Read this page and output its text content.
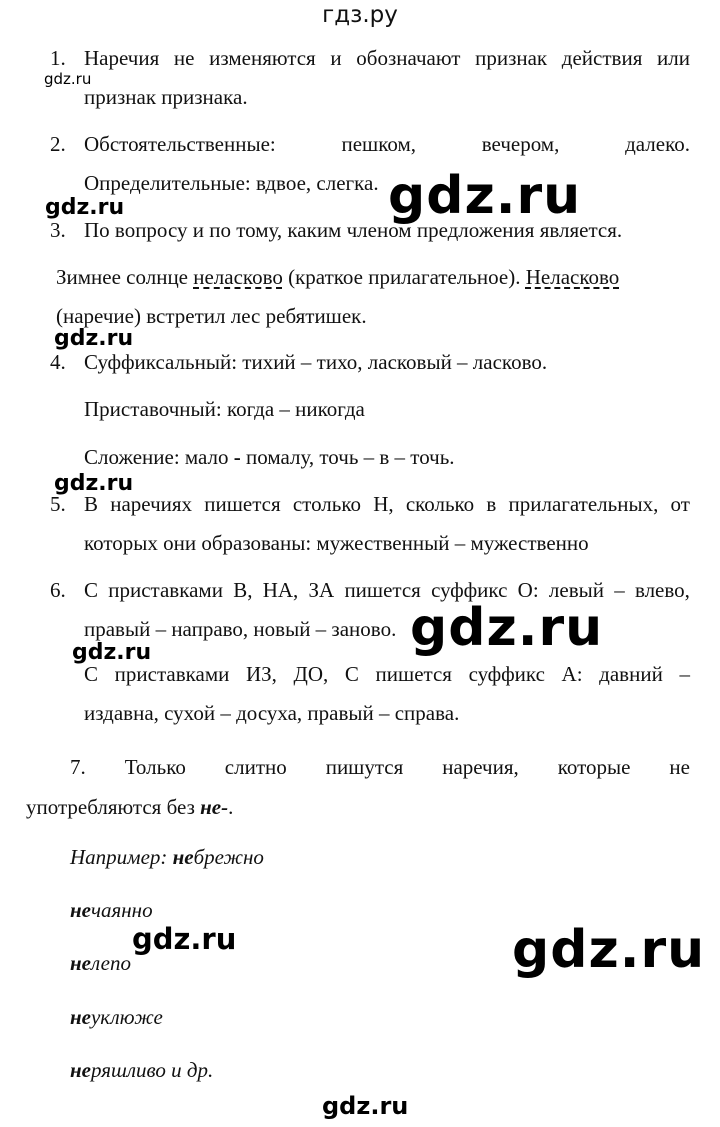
гдз.ру
gdz.ru
gdz.ru
gdz.ru
gdz.ru
gdz.ru
gdz.ru
gdz.ru
gdz.ru	gdz.ru
gdz.ru
1. Наречия не изменяются и обозначают признак действия или
признак признака.
2. Обстоятельственные:	пешком,	вечером,	далеко.
Определительные: вдвое, слегка.
3. По вопросу и по тому, каким членом предложения является.
Зимнее солнце неласково (краткое прилагательное). Неласково
(наречие) встретил лес ребятишек.
4. Суффиксальный: тихий – тихо, ласковый – ласково.
Приставочный: когда – никогда
Сложение: мало - помалу, точь – в – точь.
5. В наречиях пишется столько Н, сколько в прилагательных, от
которых они образованы: мужественный – мужественно
6. С приставками В, НА, ЗА пишется суффикс О: левый – влево,
правый – направо, новый – заново.
С приставками ИЗ, ДО, С пишется суффикс А: давний –
издавна, сухой – досуха, правый – справа.
7. Только слитно пишутся наречия, которые не
употребляются без не-.
Например: небрежно
нечаянно
нелепо
неуклюже
неряшливо и др.
